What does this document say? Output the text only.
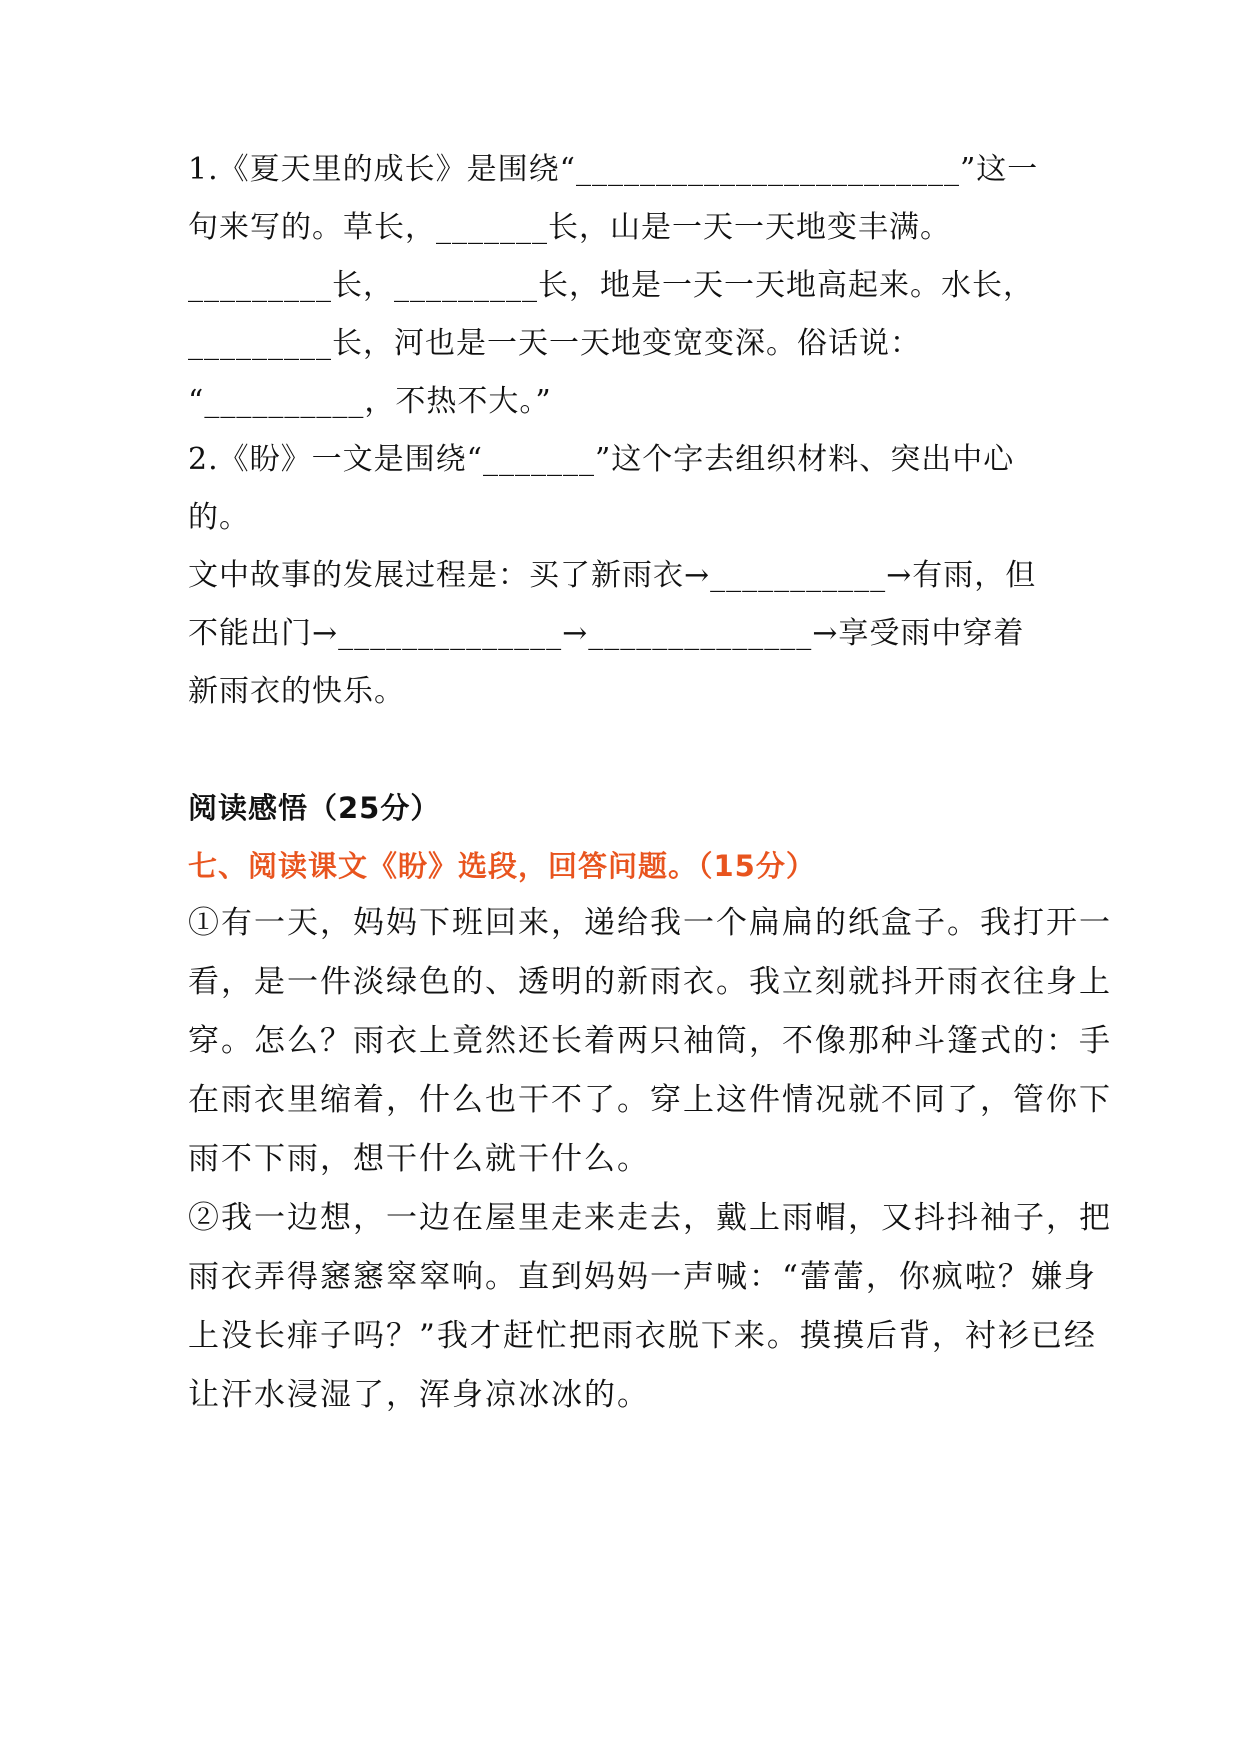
1.《夏天里的成长》是围绕“________________________”这一
句来写的。草长，_______长，山是一天一天地变丰满。
_________长，_________长，地是一天一天地高起来。水长，
_________长，河也是一天一天地变宽变深。俗话说：
“__________，不热不大。”
2.《盼》一文是围绕“_______”这个字去组织材料、突出中心
的。
文中故事的发展过程是：买了新雨衣→___________→有雨，但
不能出门→______________→______________→享受雨中穿着
新雨衣的快乐。
阅读感悟（25分）
七、阅读课文《盼》选段，回答问题。（15分）
①有一天，妈妈下班回来，递给我一个扁扁的纸盒子。我打开一
看，是一件淡绿色的、透明的新雨衣。我立刻就抖开雨衣往身上
穿。怎么？雨衣上竟然还长着两只袖筒，不像那种斗篷式的：手
在雨衣里缩着，什么也干不了。穿上这件情况就不同了，管你下
雨不下雨，想干什么就干什么。
②我一边想，一边在屋里走来走去，戴上雨帽，又抖抖袖子，把
雨衣弄得窸窸窣窣响。直到妈妈一声喊：“蕾蕾，你疯啦？嫌身
上没长痱子吗？”我才赶忙把雨衣脱下来。摸摸后背，衬衫已经
让汗水浸湿了，浑身凉冰冰的。
